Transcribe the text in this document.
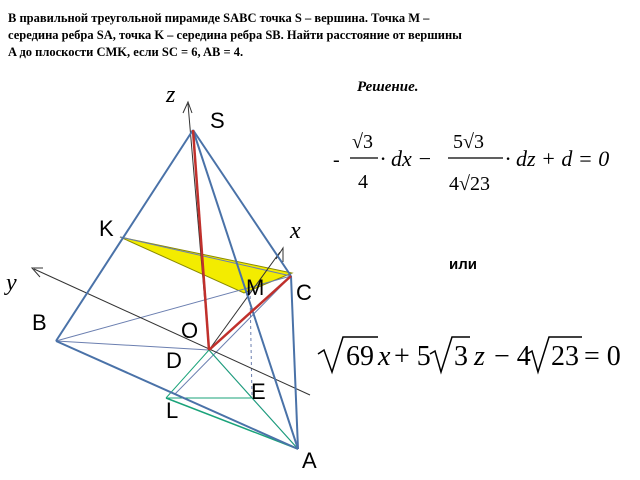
В правильной треугольной пирамиде SABC точка S – вершина. Точка M –
середина ребра SA, точка K – середина ребра SB. Найти расстояние от вершины
A до плоскости CMK, если SC = 6, AB = 4.
Решение.
или
S
K
M C
B	O
D
E
L
A
z
x
y
-
√3
4
· dx −
5√3
4√23
· dz + d = 0
69 x + 5 3 z − 4 23 = 0
